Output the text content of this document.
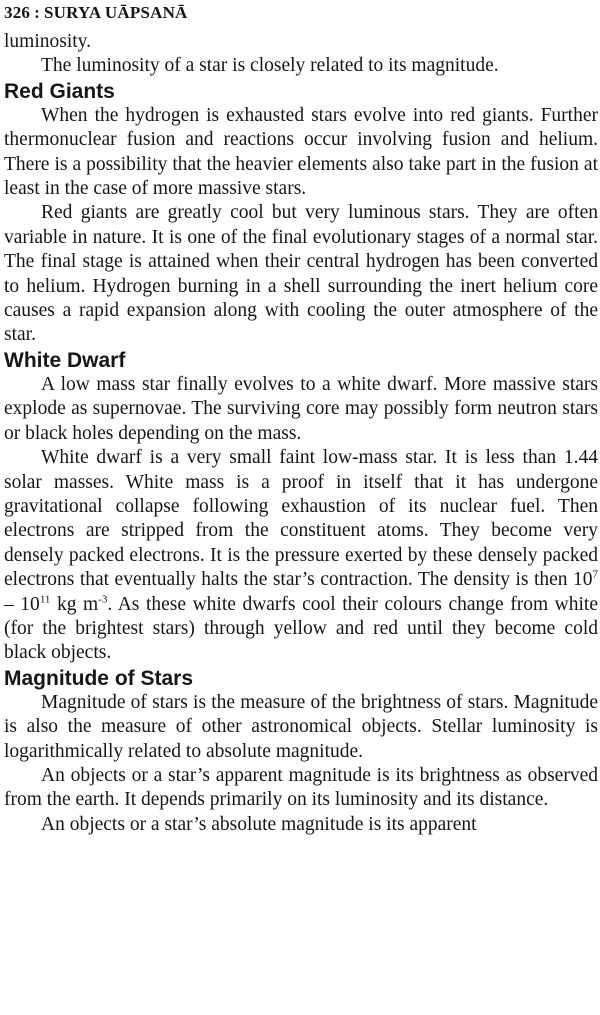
326 : SURYA UĀPSANĀ

luminosity.

The luminosity of a star is closely related to its magnitude.

Red Giants

When the hydrogen is exhausted stars evolve into red giants. Further thermonuclear fusion and reactions occur involving fusion and helium. There is a possibility that the heavier elements also take part in the fusion at least in the case of more massive stars.

Red giants are greatly cool but very luminous stars. They are often variable in nature. It is one of the final evolutionary stages of a normal star. The final stage is attained when their central hydrogen has been converted to helium. Hydrogen burning in a shell surrounding the inert helium core causes a rapid expansion along with cooling the outer atmosphere of the star.

White Dwarf

A low mass star finally evolves to a white dwarf. More massive stars explode as supernovae. The surviving core may possibly form neutron stars or black holes depending on the mass.

White dwarf is a very small faint low-mass star. It is less than 1.44 solar masses. White mass is a proof in itself that it has undergone gravitational collapse following exhaustion of its nuclear fuel. Then electrons are stripped from the constituent atoms. They become very densely packed electrons. It is the pressure exerted by these densely packed electrons that eventually halts the star’s contraction. The density is then $10^7 - 10^{11}$ kg $m^{-3}$. As these white dwarfs cool their colours change from white (for the brightest stars) through yellow and red until they become cold black objects.

Magnitude of Stars

Magnitude of stars is the measure of the brightness of stars. Magnitude is also the measure of other astronomical objects. Stellar luminosity is logarithmically related to absolute magnitude.

An objects or a star’s apparent magnitude is its brightness as observed from the earth. It depends primarily on its luminosity and its distance.

An objects or a star’s absolute magnitude is its apparent
